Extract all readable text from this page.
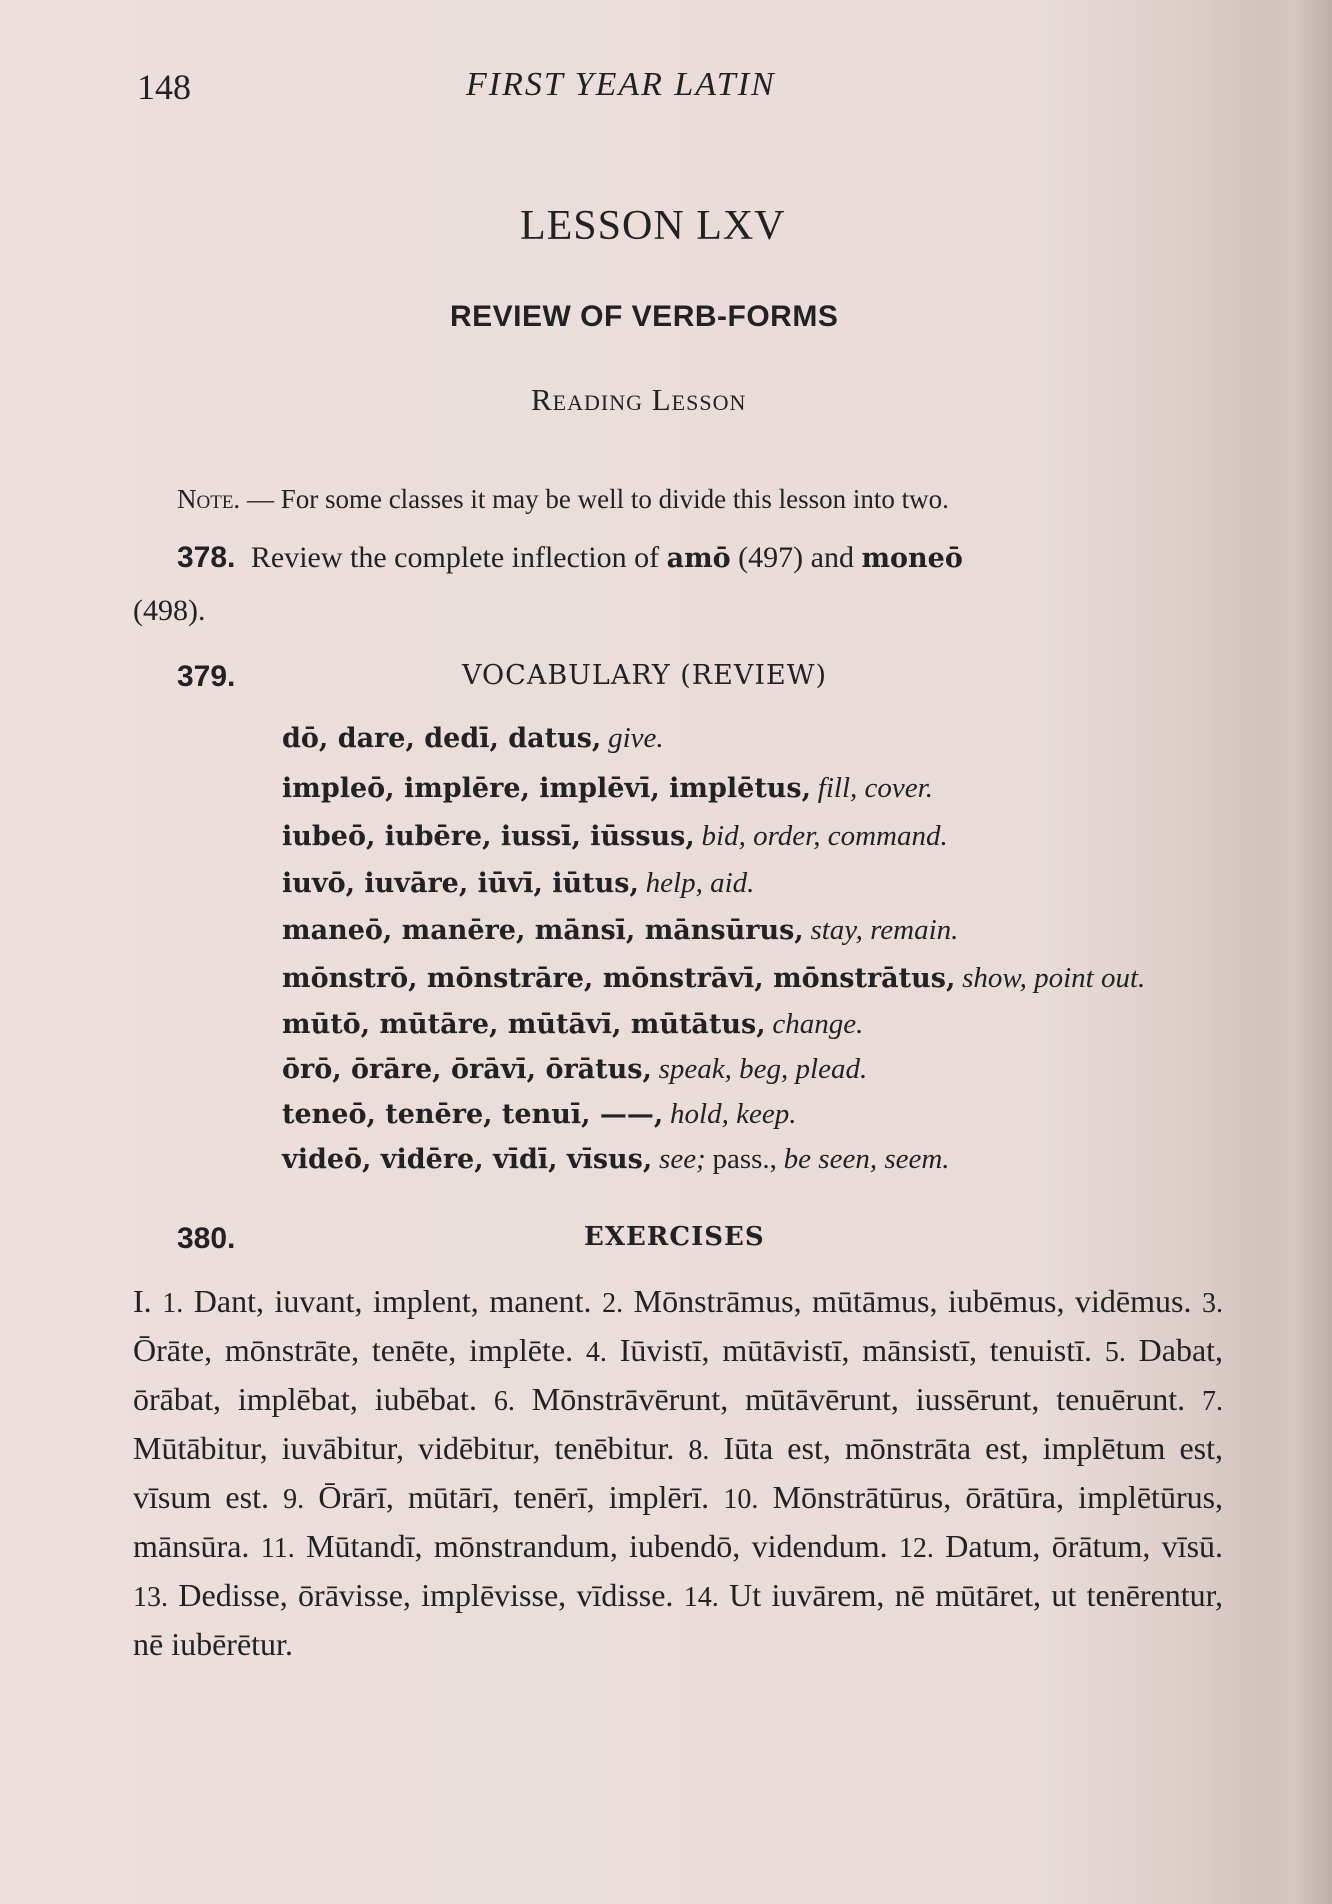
148	FIRST YEAR LATIN
LESSON LXV
REVIEW OF VERB-FORMS
Reading Lesson
Note. — For some classes it may be well to divide this lesson into two.
378. Review the complete inflection of amō (497) and moneō
(498).
379.	VOCABULARY (REVIEW)
dō, dare, dedī, datus, give.
impleō, implēre, implēvī, implētus, fill, cover.
iubeō, iubēre, iussī, iūssus, bid, order, command.
iuvō, iuvāre, iūvī, iūtus, help, aid.
maneō, manēre, mānsī, mānsūrus, stay, remain.
mōnstrō, mōnstrāre, mōnstrāvī, mōnstrātus, show, point out.
mūtō, mūtāre, mūtāvī, mūtātus, change.
ōrō, ōrāre, ōrāvī, ōrātus, speak, beg, plead.
teneō, tenēre, tenuī, ——, hold, keep.
videō, vidēre, vīdī, vīsus, see; pass., be seen, seem.
380.	EXERCISES
I. 1. Dant, iuvant, implent, manent. 2. Mōnstrāmus, mūtāmus, iubēmus, vidēmus. 3. Ōrāte, mōnstrāte, tenēte, implēte. 4. Iūvistī, mūtāvistī, mānsistī, tenuistī. 5. Dabat, ōrābat, implēbat, iubēbat. 6. Mōnstrāvērunt, mūtāvērunt, iussērunt, tenuērunt. 7. Mūtābitur, iuvābitur, vidēbitur, tenēbitur. 8. Iūta est, mōnstrāta est, implētum est, vīsum est. 9. Ōrārī, mūtārī, tenērī, implērī. 10. Mōnstrātūrus, ōrātūra, implētūrus, mānsūra. 11. Mūtandī, mōnstrandum, iubendō, videndum. 12. Datum, ōrātum, vīsū. 13. Dedisse, ōrāvisse, implēvisse, vīdisse. 14. Ut iuvārem, nē mūtāret, ut tenērentur, nē iubērētur.
